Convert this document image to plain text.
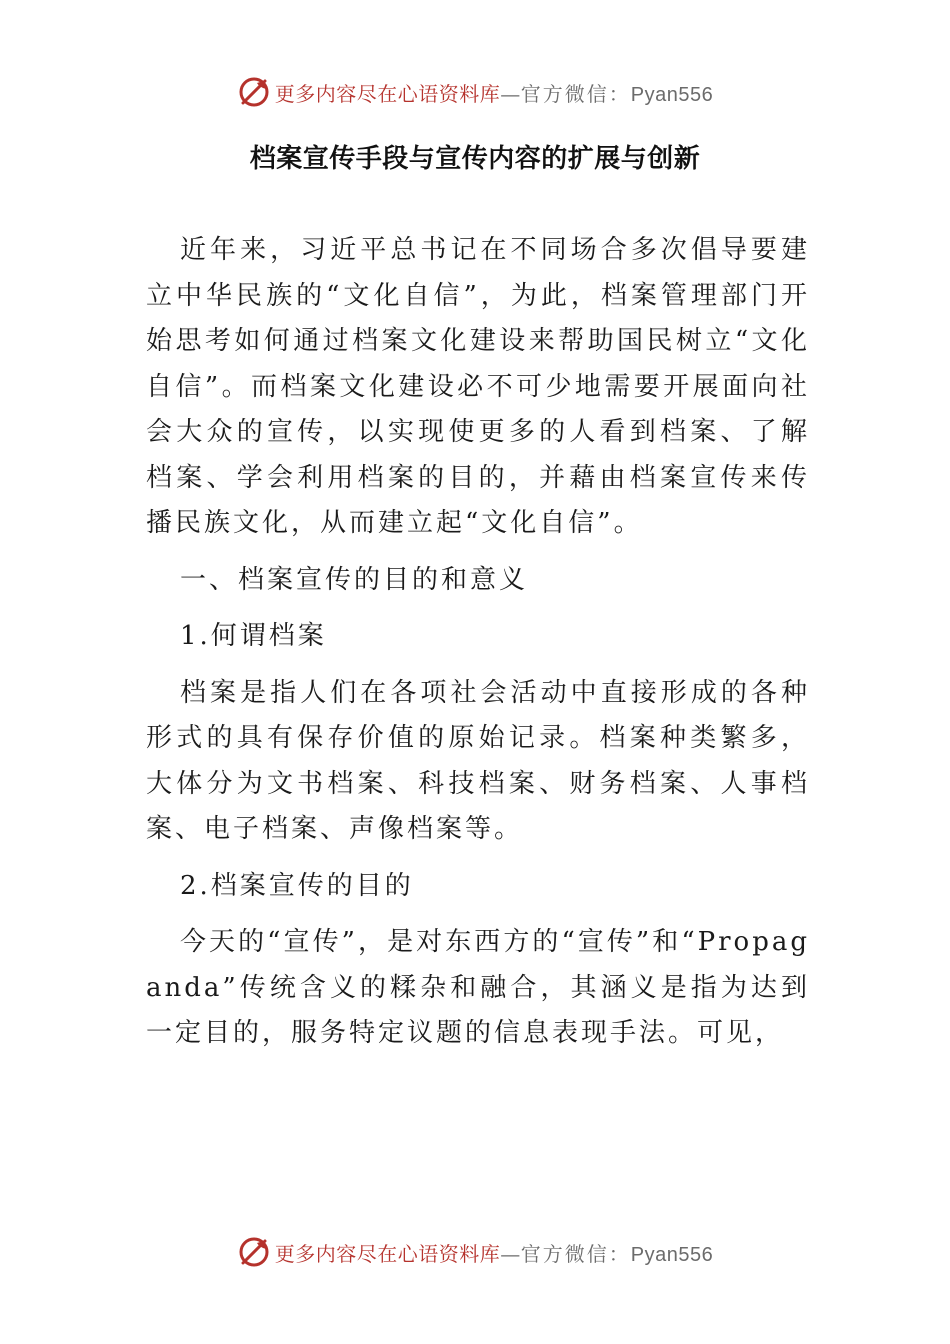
更多内容尽在心语资料库—官方微信：Pyan556
档案宣传手段与宣传内容的扩展与创新

近年来，习近平总书记在不同场合多次倡导要建立中华民族的“文化自信”，为此，档案管理部门开始思考如何通过档案文化建设来帮助国民树立“文化自信”。而档案文化建设必不可少地需要开展面向社会大众的宣传，以实现使更多的人看到档案、了解档案、学会利用档案的目的，并藉由档案宣传来传播民族文化，从而建立起“文化自信”。

一、档案宣传的目的和意义

1.何谓档案

档案是指人们在各项社会活动中直接形成的各种形式的具有保存价值的原始记录。档案种类繁多，大体分为文书档案、科技档案、财务档案、人事档案、电子档案、声像档案等。

2.档案宣传的目的

今天的“宣传”，是对东西方的“宣传”和“Propaganda”传统含义的糅杂和融合，其涵义是指为达到一定目的，服务特定议题的信息表现手法。可见，

更多内容尽在心语资料库—官方微信：Pyan556
